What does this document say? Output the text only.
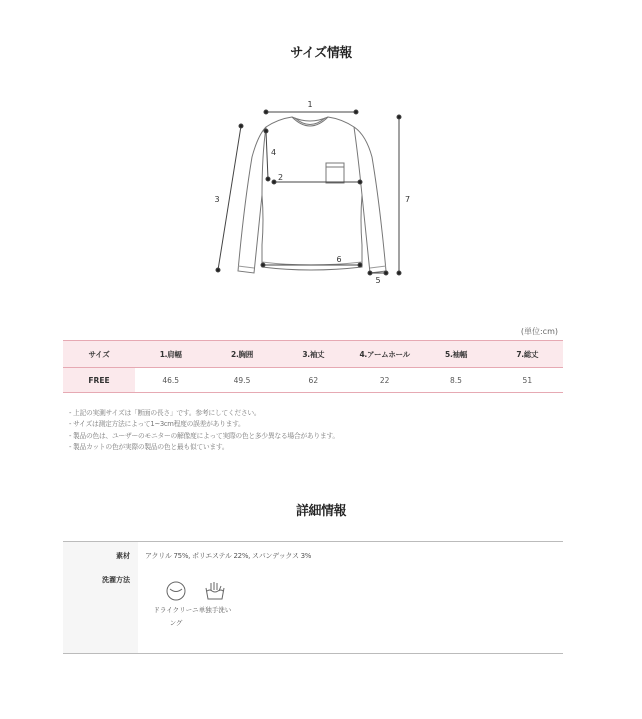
サイズ情報
1
2
3
4
5
6
7
(単位:cm)
サイズ	1.肩幅	2.胸囲	3.袖丈	4.アームホール	5.袖幅	7.総丈
FREE	46.5	49.5	62	22	8.5	51
- 上記の実測サイズは「断面の長さ」です。参考にしてください。
- サイズは測定方法によって1~3cm程度の誤差があります。
- 製品の色は、ユーザーのモニターの解像度によって実際の色と多少異なる場合があります。
- 製品カットの色が実際の製品の色と最も似ています。
詳細情報
素材 アクリル 75%, ポリエステル 22%, スパンデックス 3%
洗濯方法
ドライクリーニ
ング
单独手洗い
